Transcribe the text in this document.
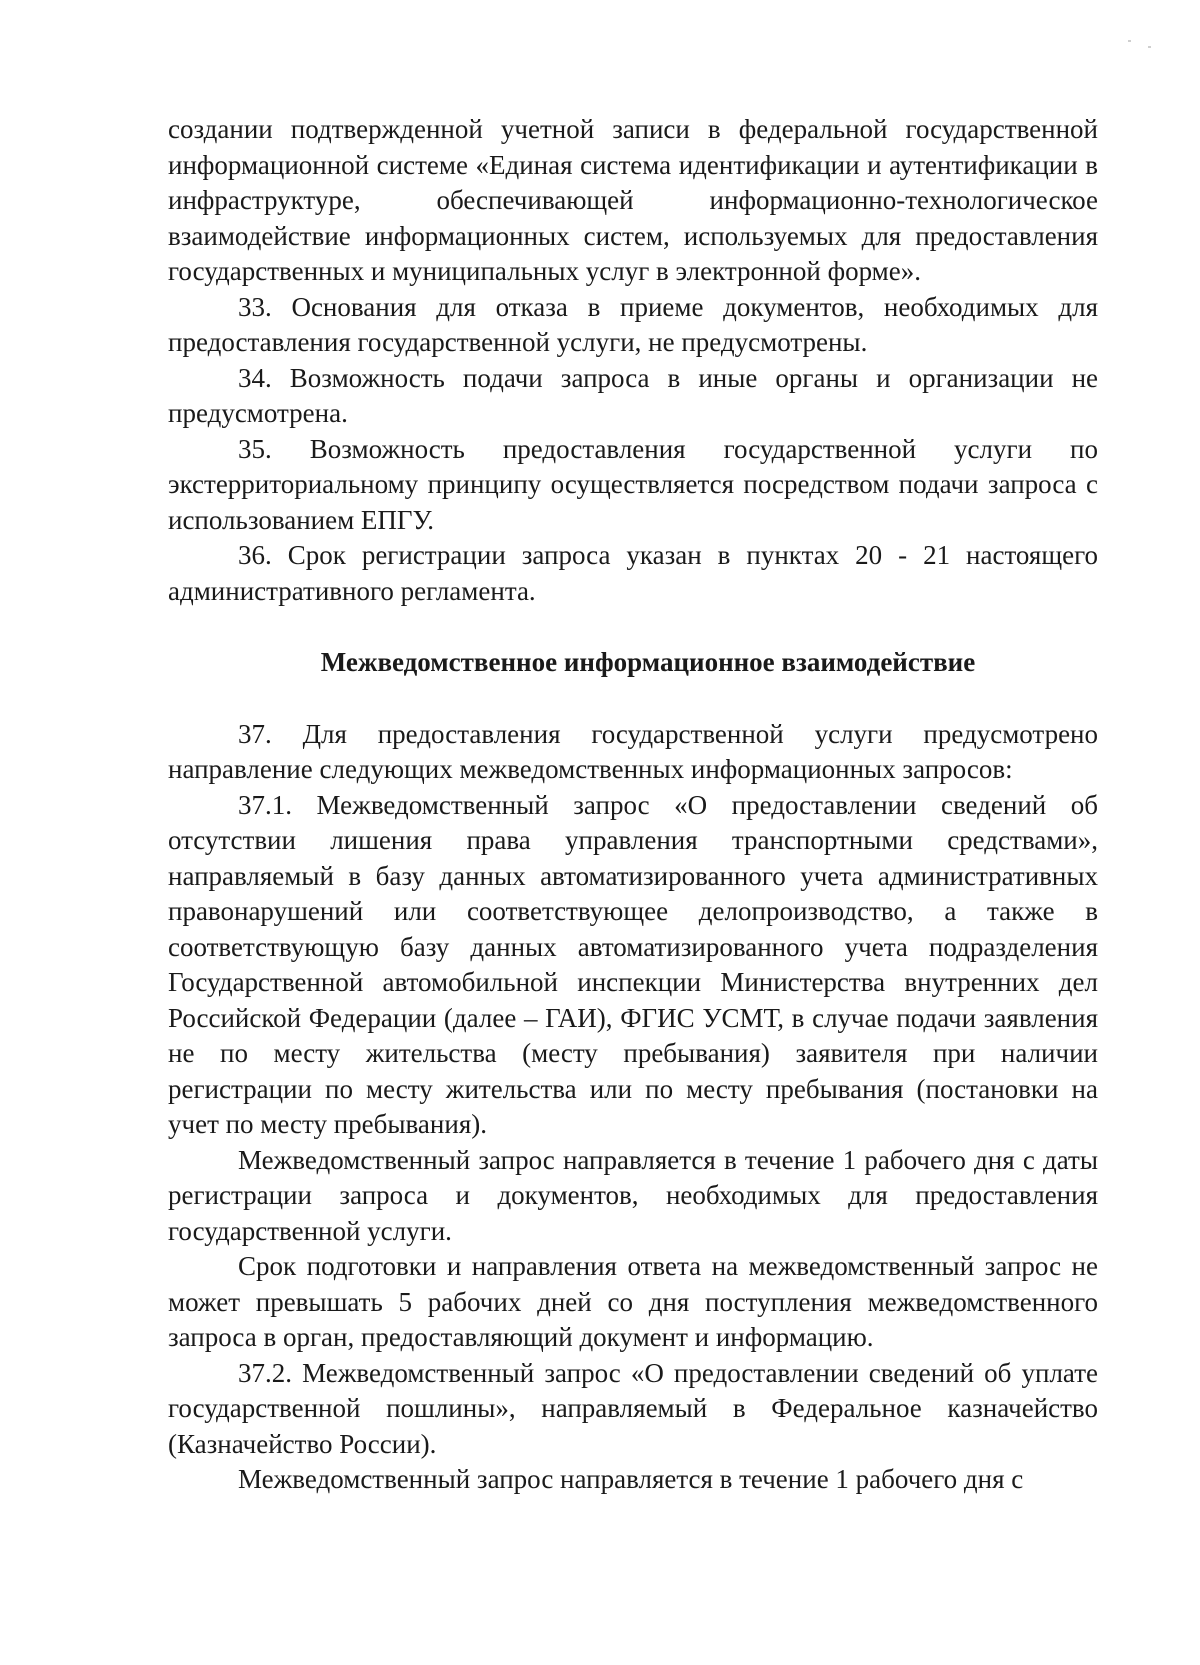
создании подтвержденной учетной записи в федеральной государственной информационной системе «Единая система идентификации и аутентификации в инфраструктуре, обеспечивающей информационно-технологическое взаимодействие информационных систем, используемых для предоставления государственных и муниципальных услуг в электронной форме».

33. Основания для отказа в приеме документов, необходимых для предоставления государственной услуги, не предусмотрены.

34. Возможность подачи запроса в иные органы и организации не предусмотрена.

35. Возможность предоставления государственной услуги по экстерриториальному принципу осуществляется посредством подачи запроса с использованием ЕПГУ.

36. Срок регистрации запроса указан в пунктах 20 - 21 настоящего административного регламента.

Межведомственное информационное взаимодействие

37. Для предоставления государственной услуги предусмотрено направление следующих межведомственных информационных запросов:

37.1. Межведомственный запрос «О предоставлении сведений об отсутствии лишения права управления транспортными средствами», направляемый в базу данных автоматизированного учета административных правонарушений или соответствующее делопроизводство, а также в соответствующую базу данных автоматизированного учета подразделения Государственной автомобильной инспекции Министерства внутренних дел Российской Федерации (далее – ГАИ), ФГИС УСМТ, в случае подачи заявления не по месту жительства (месту пребывания) заявителя при наличии регистрации по месту жительства или по месту пребывания (постановки на учет по месту пребывания).

Межведомственный запрос направляется в течение 1 рабочего дня с даты регистрации запроса и документов, необходимых для предоставления государственной услуги.

Срок подготовки и направления ответа на межведомственный запрос не может превышать 5 рабочих дней со дня поступления межведомственного запроса в орган, предоставляющий документ и информацию.

37.2. Межведомственный запрос «О предоставлении сведений об уплате государственной пошлины», направляемый в Федеральное казначейство (Казначейство России).

Межведомственный запрос направляется в течение 1 рабочего дня с
